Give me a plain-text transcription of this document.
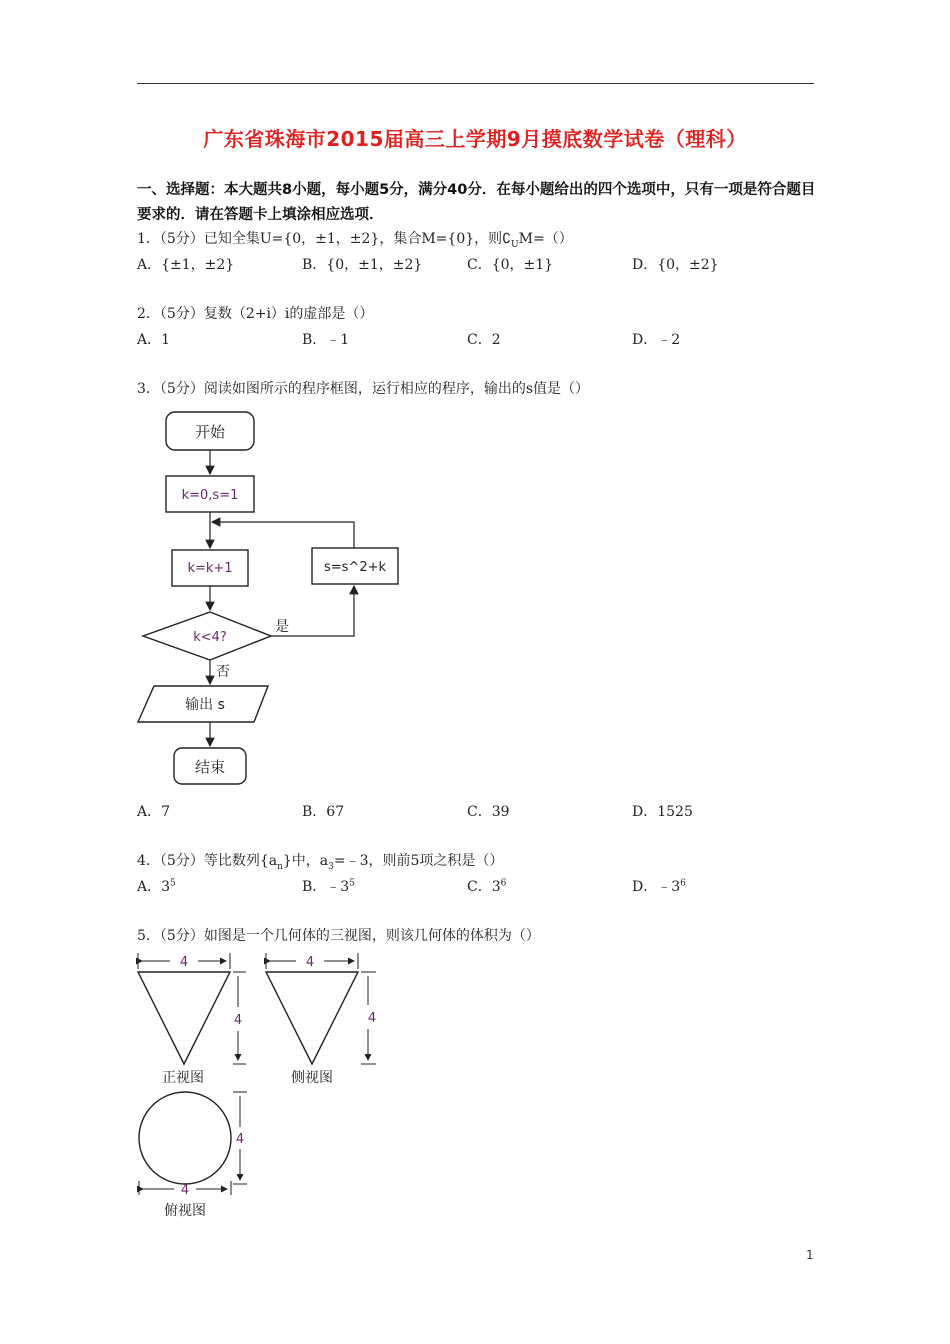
广东省珠海市2015届高三上学期9月摸底数学试卷（理科）
一、选择题：本大题共8小题，每小题5分，满分40分．在每小题给出的四个选项中，只有一项是符合题目要求的．请在答题卡上填涂相应选项．
1．（5分）已知全集U={0，±1，±2}，集合M={0}，则$∁_UM=()$
A．{±1，±2}	B．{0，±1，±2}	C．{0，±1}	D．{0，±2}
2．（5分）复数（2+i）i的虚部是（）
A．1	B．﹣1	C．2	D．﹣2
3．（5分）阅读如图所示的程序框图，运行相应的程序，输出的s值是（）
开始
k=0,s=1
k=k+1	s=s^2+k
k<4?
是
否
输出 s
结束
A．7	B．67	C．39	D．1525
4．（5分）等比数列$\{a_n\}$中，$a_3=﹣3$，则前5项之积是（）
A．$3^5$	B．$﹣3^5$	C．$3^6$	D．$﹣3^6$
5．（5分）如图是一个几何体的三视图，则该几何体的体积为（）
4
4
正视图
4
4
侧视图
4
4
俯视图
1
